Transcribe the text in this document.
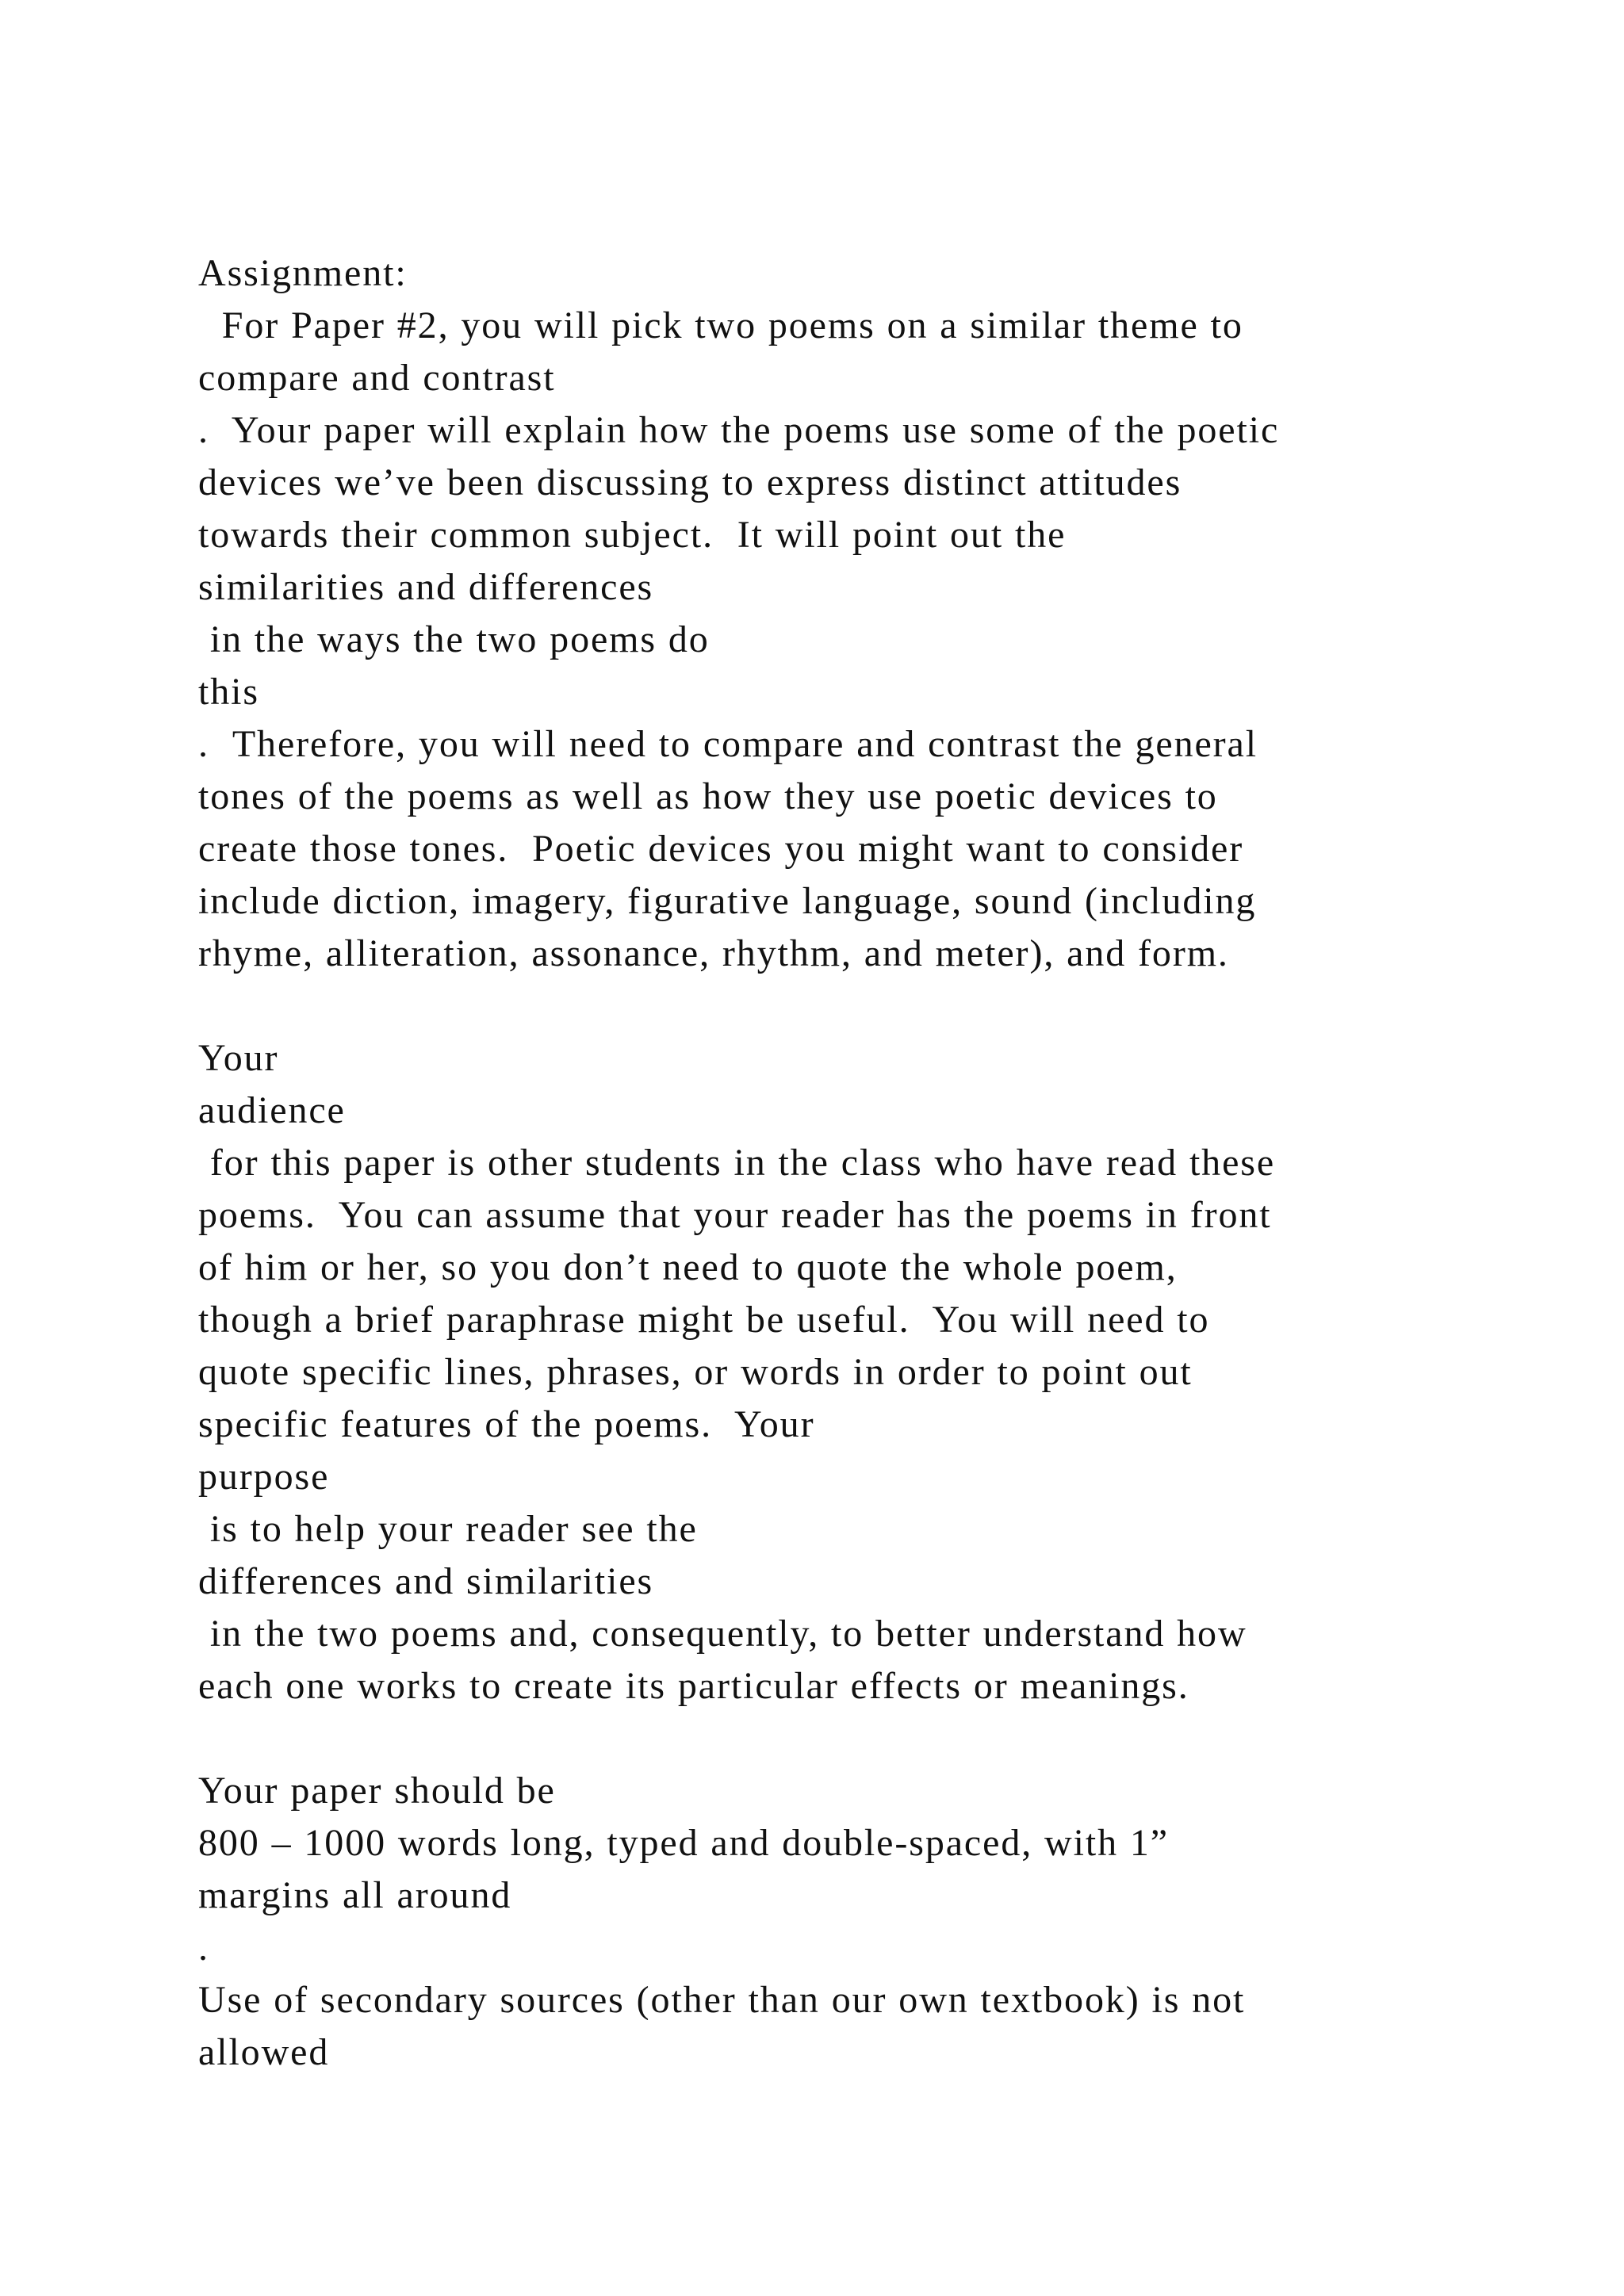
Assignment:
For Paper #2, you will pick two poems on a similar theme to
compare and contrast
.  Your paper will explain how the poems use some of the poetic
devices we’ve been discussing to express distinct attitudes
towards their common subject.  It will point out the
similarities and differences
in the ways the two poems do
this
.  Therefore, you will need to compare and contrast the general
tones of the poems as well as how they use poetic devices to
create those tones.  Poetic devices you might want to consider
include diction, imagery, figurative language, sound (including
rhyme, alliteration, assonance, rhythm, and meter), and form.
Your
audience
for this paper is other students in the class who have read these
poems.  You can assume that your reader has the poems in front
of him or her, so you don’t need to quote the whole poem,
though a brief paraphrase might be useful.  You will need to
quote specific lines, phrases, or words in order to point out
specific features of the poems.  Your
purpose
is to help your reader see the
differences and similarities
in the two poems and, consequently, to better understand how
each one works to create its particular effects or meanings.
Your paper should be
800 – 1000 words long, typed and double-spaced, with 1”
margins all around
.
Use of secondary sources (other than our own textbook) is not
allowed
